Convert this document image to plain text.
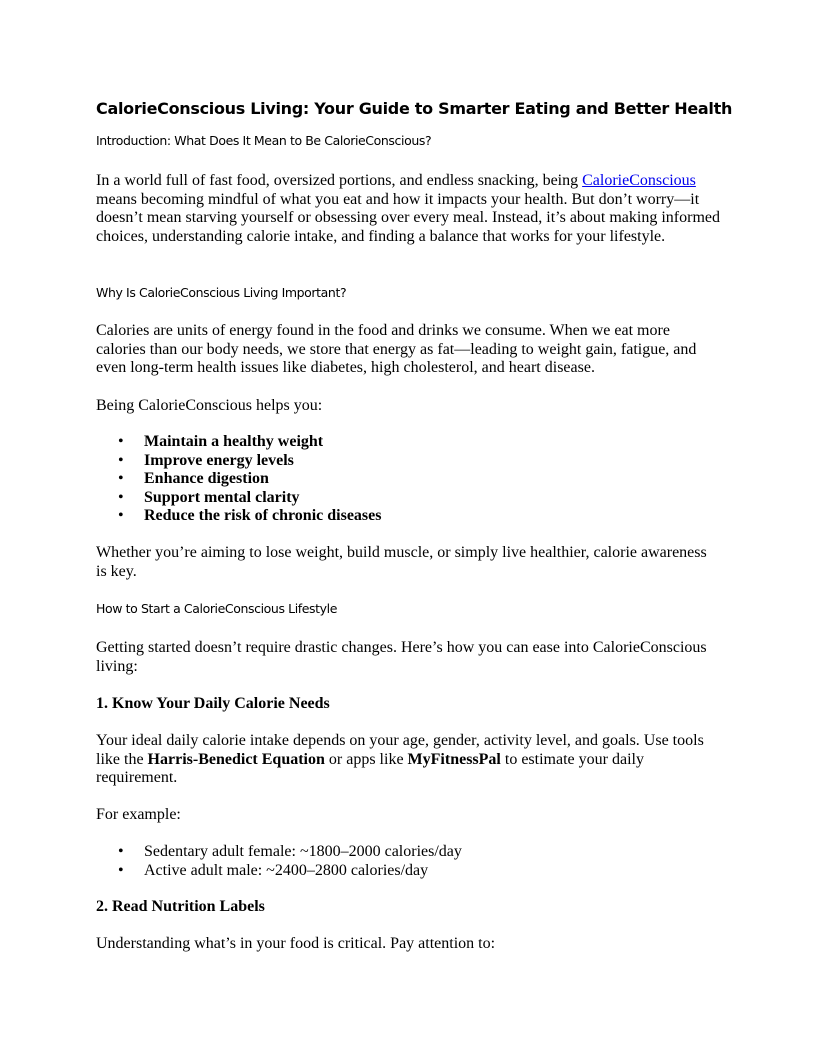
CalorieConscious Living: Your Guide to Smarter Eating and Better Health
Introduction: What Does It Mean to Be CalorieConscious?
In a world full of fast food, oversized portions, and endless snacking, being CalorieConscious means becoming mindful of what you eat and how it impacts your health. But don’t worry—it doesn’t mean starving yourself or obsessing over every meal. Instead, it’s about making informed choices, understanding calorie intake, and finding a balance that works for your lifestyle.
Why Is CalorieConscious Living Important?
Calories are units of energy found in the food and drinks we consume. When we eat more calories than our body needs, we store that energy as fat—leading to weight gain, fatigue, and even long-term health issues like diabetes, high cholesterol, and heart disease.
Being CalorieConscious helps you:
• Maintain a healthy weight
• Improve energy levels
• Enhance digestion
• Support mental clarity
• Reduce the risk of chronic diseases
Whether you’re aiming to lose weight, build muscle, or simply live healthier, calorie awareness is key.
How to Start a CalorieConscious Lifestyle
Getting started doesn’t require drastic changes. Here’s how you can ease into CalorieConscious living:
1. Know Your Daily Calorie Needs
Your ideal daily calorie intake depends on your age, gender, activity level, and goals. Use tools like the Harris-Benedict Equation or apps like MyFitnessPal to estimate your daily requirement.
For example:
• Sedentary adult female: ~1800–2000 calories/day
• Active adult male: ~2400–2800 calories/day
2. Read Nutrition Labels
Understanding what’s in your food is critical. Pay attention to:
